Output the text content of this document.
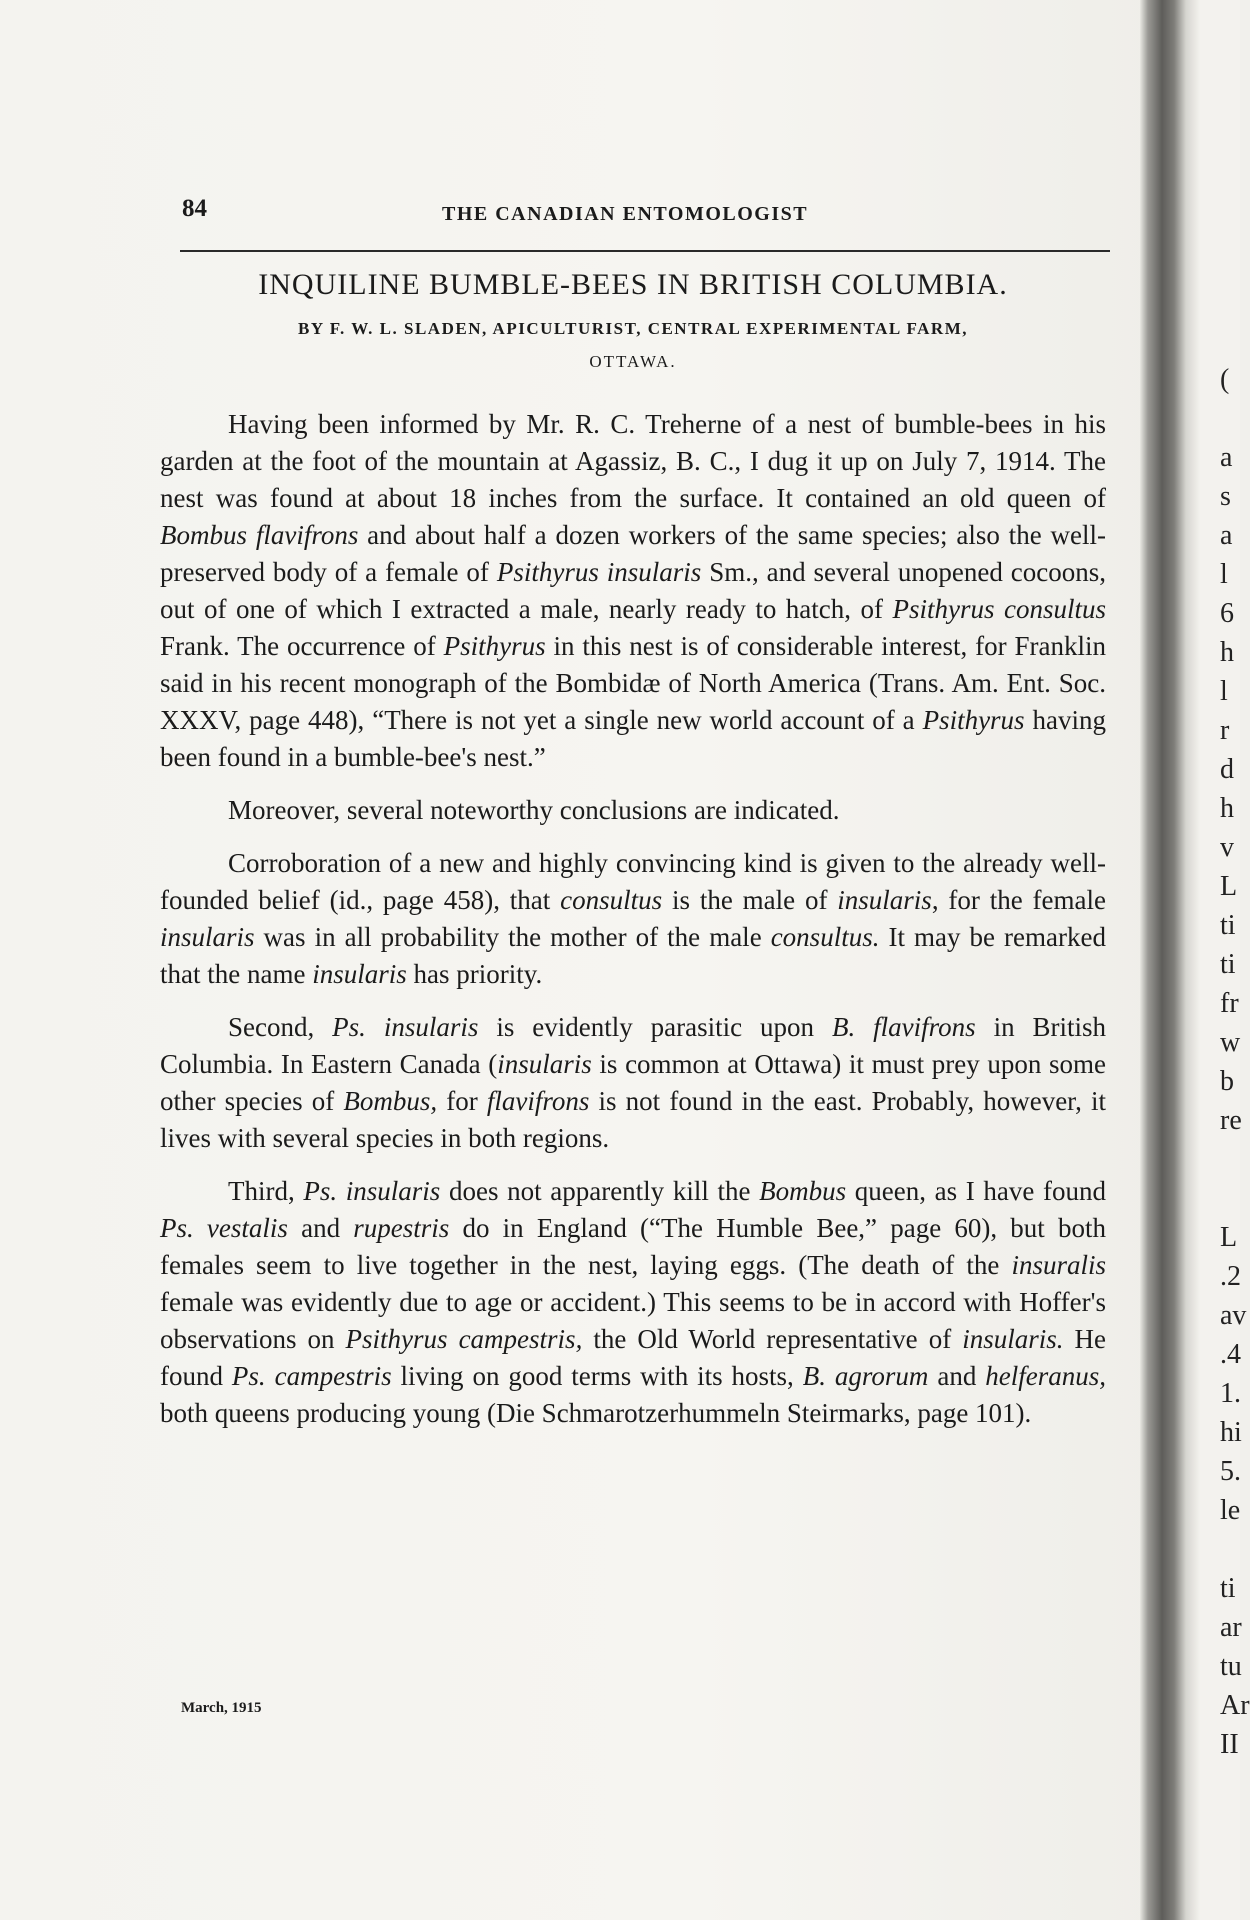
(
a
s
a
l
6
h
l
r
d
h
v
L
ti
ti
fr
w
b
re
L
.2
av
.4
1.
hi
5.
le
ti
ar
tu
Ar
II
84	THE CANADIAN ENTOMOLOGIST
INQUILINE BUMBLE-BEES IN BRITISH COLUMBIA.
BY F. W. L. SLADEN, APICULTURIST, CENTRAL EXPERIMENTAL FARM,
OTTAWA.

Having been informed by Mr. R. C. Treherne of a nest of bumble-bees in his garden at the foot of the mountain at Agassiz, B. C., I dug it up on July 7, 1914. The nest was found at about 18 inches from the surface. It contained an old queen of Bombus flavifrons and about half a dozen workers of the same species; also the well-preserved body of a female of Psithyrus insularis Sm., and several unopened cocoons, out of one of which I extracted a male, nearly ready to hatch, of Psithyrus consultus Frank. The occurrence of Psithyrus in this nest is of considerable interest, for Franklin said in his recent monograph of the Bombidæ of North America (Trans. Am. Ent. Soc. XXXV, page 448), “There is not yet a single new world account of a Psithyrus having been found in a bumble-bee's nest.”

Moreover, several noteworthy conclusions are indicated.

Corroboration of a new and highly convincing kind is given to the already well-founded belief (id., page 458), that consultus is the male of insularis, for the female insularis was in all probability the mother of the male consultus. It may be remarked that the name insularis has priority.

Second, Ps. insularis is evidently parasitic upon B. flavifrons in British Columbia. In Eastern Canada (insularis is common at Ottawa) it must prey upon some other species of Bombus, for flavifrons is not found in the east. Probably, however, it lives with several species in both regions.

Third, Ps. insularis does not apparently kill the Bombus queen, as I have found Ps. vestalis and rupestris do in England (“The Humble Bee,” page 60), but both females seem to live together in the nest, laying eggs. (The death of the insuralis female was evidently due to age or accident.) This seems to be in accord with Hoffer's observations on Psithyrus campestris, the Old World representative of insularis. He found Ps. campestris living on good terms with its hosts, B. agrorum and helferanus, both queens producing young (Die Schmarotzerhummeln Steirmarks, page 101).

March, 1915
